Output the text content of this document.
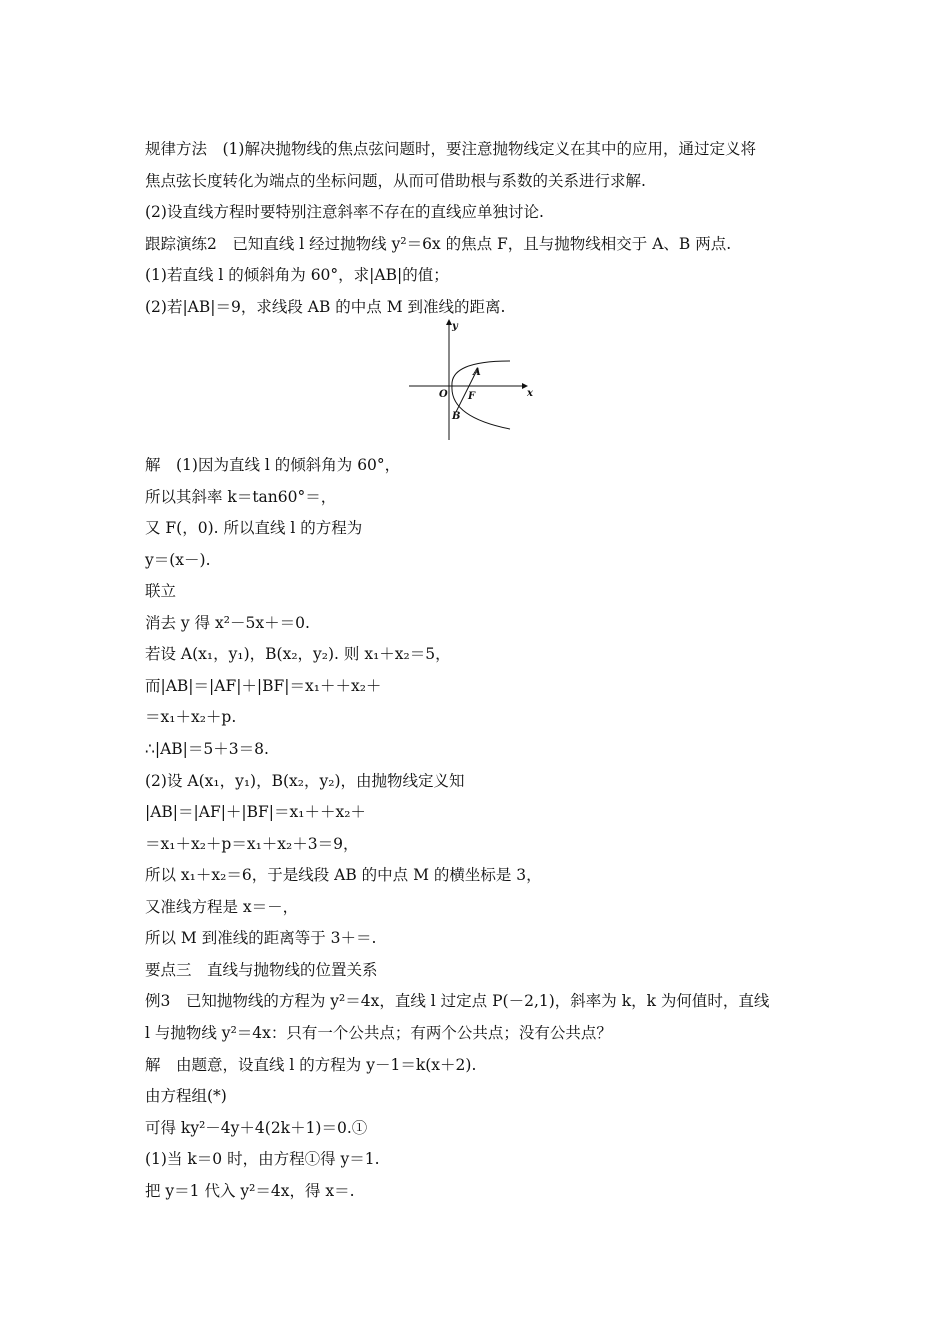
规律方法　(1)解决抛物线的焦点弦问题时，要注意抛物线定义在其中的应用，通过定义将
焦点弦长度转化为端点的坐标问题，从而可借助根与系数的关系进行求解.
(2)设直线方程时要特别注意斜率不存在的直线应单独讨论.
跟踪演练2　已知直线 l 经过抛物线 y²＝6x 的焦点 F，且与抛物线相交于 A、B 两点.
(1)若直线 l 的倾斜角为 60°，求|AB|的值；
(2)若|AB|＝9，求线段 AB 的中点 M 到准线的距离.
y
x
O F
A
B
解　(1)因为直线 l 的倾斜角为 60°，
所以其斜率 k＝tan60°＝，
又 F(，0). 所以直线 l 的方程为
y＝(x－).
联立
消去 y 得 x²－5x＋＝0.
若设 A(x₁，y₁)，B(x₂，y₂). 则 x₁＋x₂＝5，
而|AB|＝|AF|＋|BF|＝x₁＋＋x₂＋
＝x₁＋x₂＋p.
∴|AB|＝5＋3＝8.
(2)设 A(x₁，y₁)，B(x₂，y₂)，由抛物线定义知
|AB|＝|AF|＋|BF|＝x₁＋＋x₂＋
＝x₁＋x₂＋p＝x₁＋x₂＋3＝9，
所以 x₁＋x₂＝6，于是线段 AB 的中点 M 的横坐标是 3，
又准线方程是 x＝－，
所以 M 到准线的距离等于 3＋＝.
要点三　直线与抛物线的位置关系
例3　已知抛物线的方程为 y²＝4x，直线 l 过定点 P(－2,1)，斜率为 k，k 为何值时，直线
l 与抛物线 y²＝4x：只有一个公共点；有两个公共点；没有公共点？
解　由题意，设直线 l 的方程为 y－1＝k(x＋2).
由方程组(*)
可得 ky²－4y＋4(2k＋1)＝0.①
(1)当 k＝0 时，由方程①得 y＝1.
把 y＝1 代入 y²＝4x，得 x＝.
